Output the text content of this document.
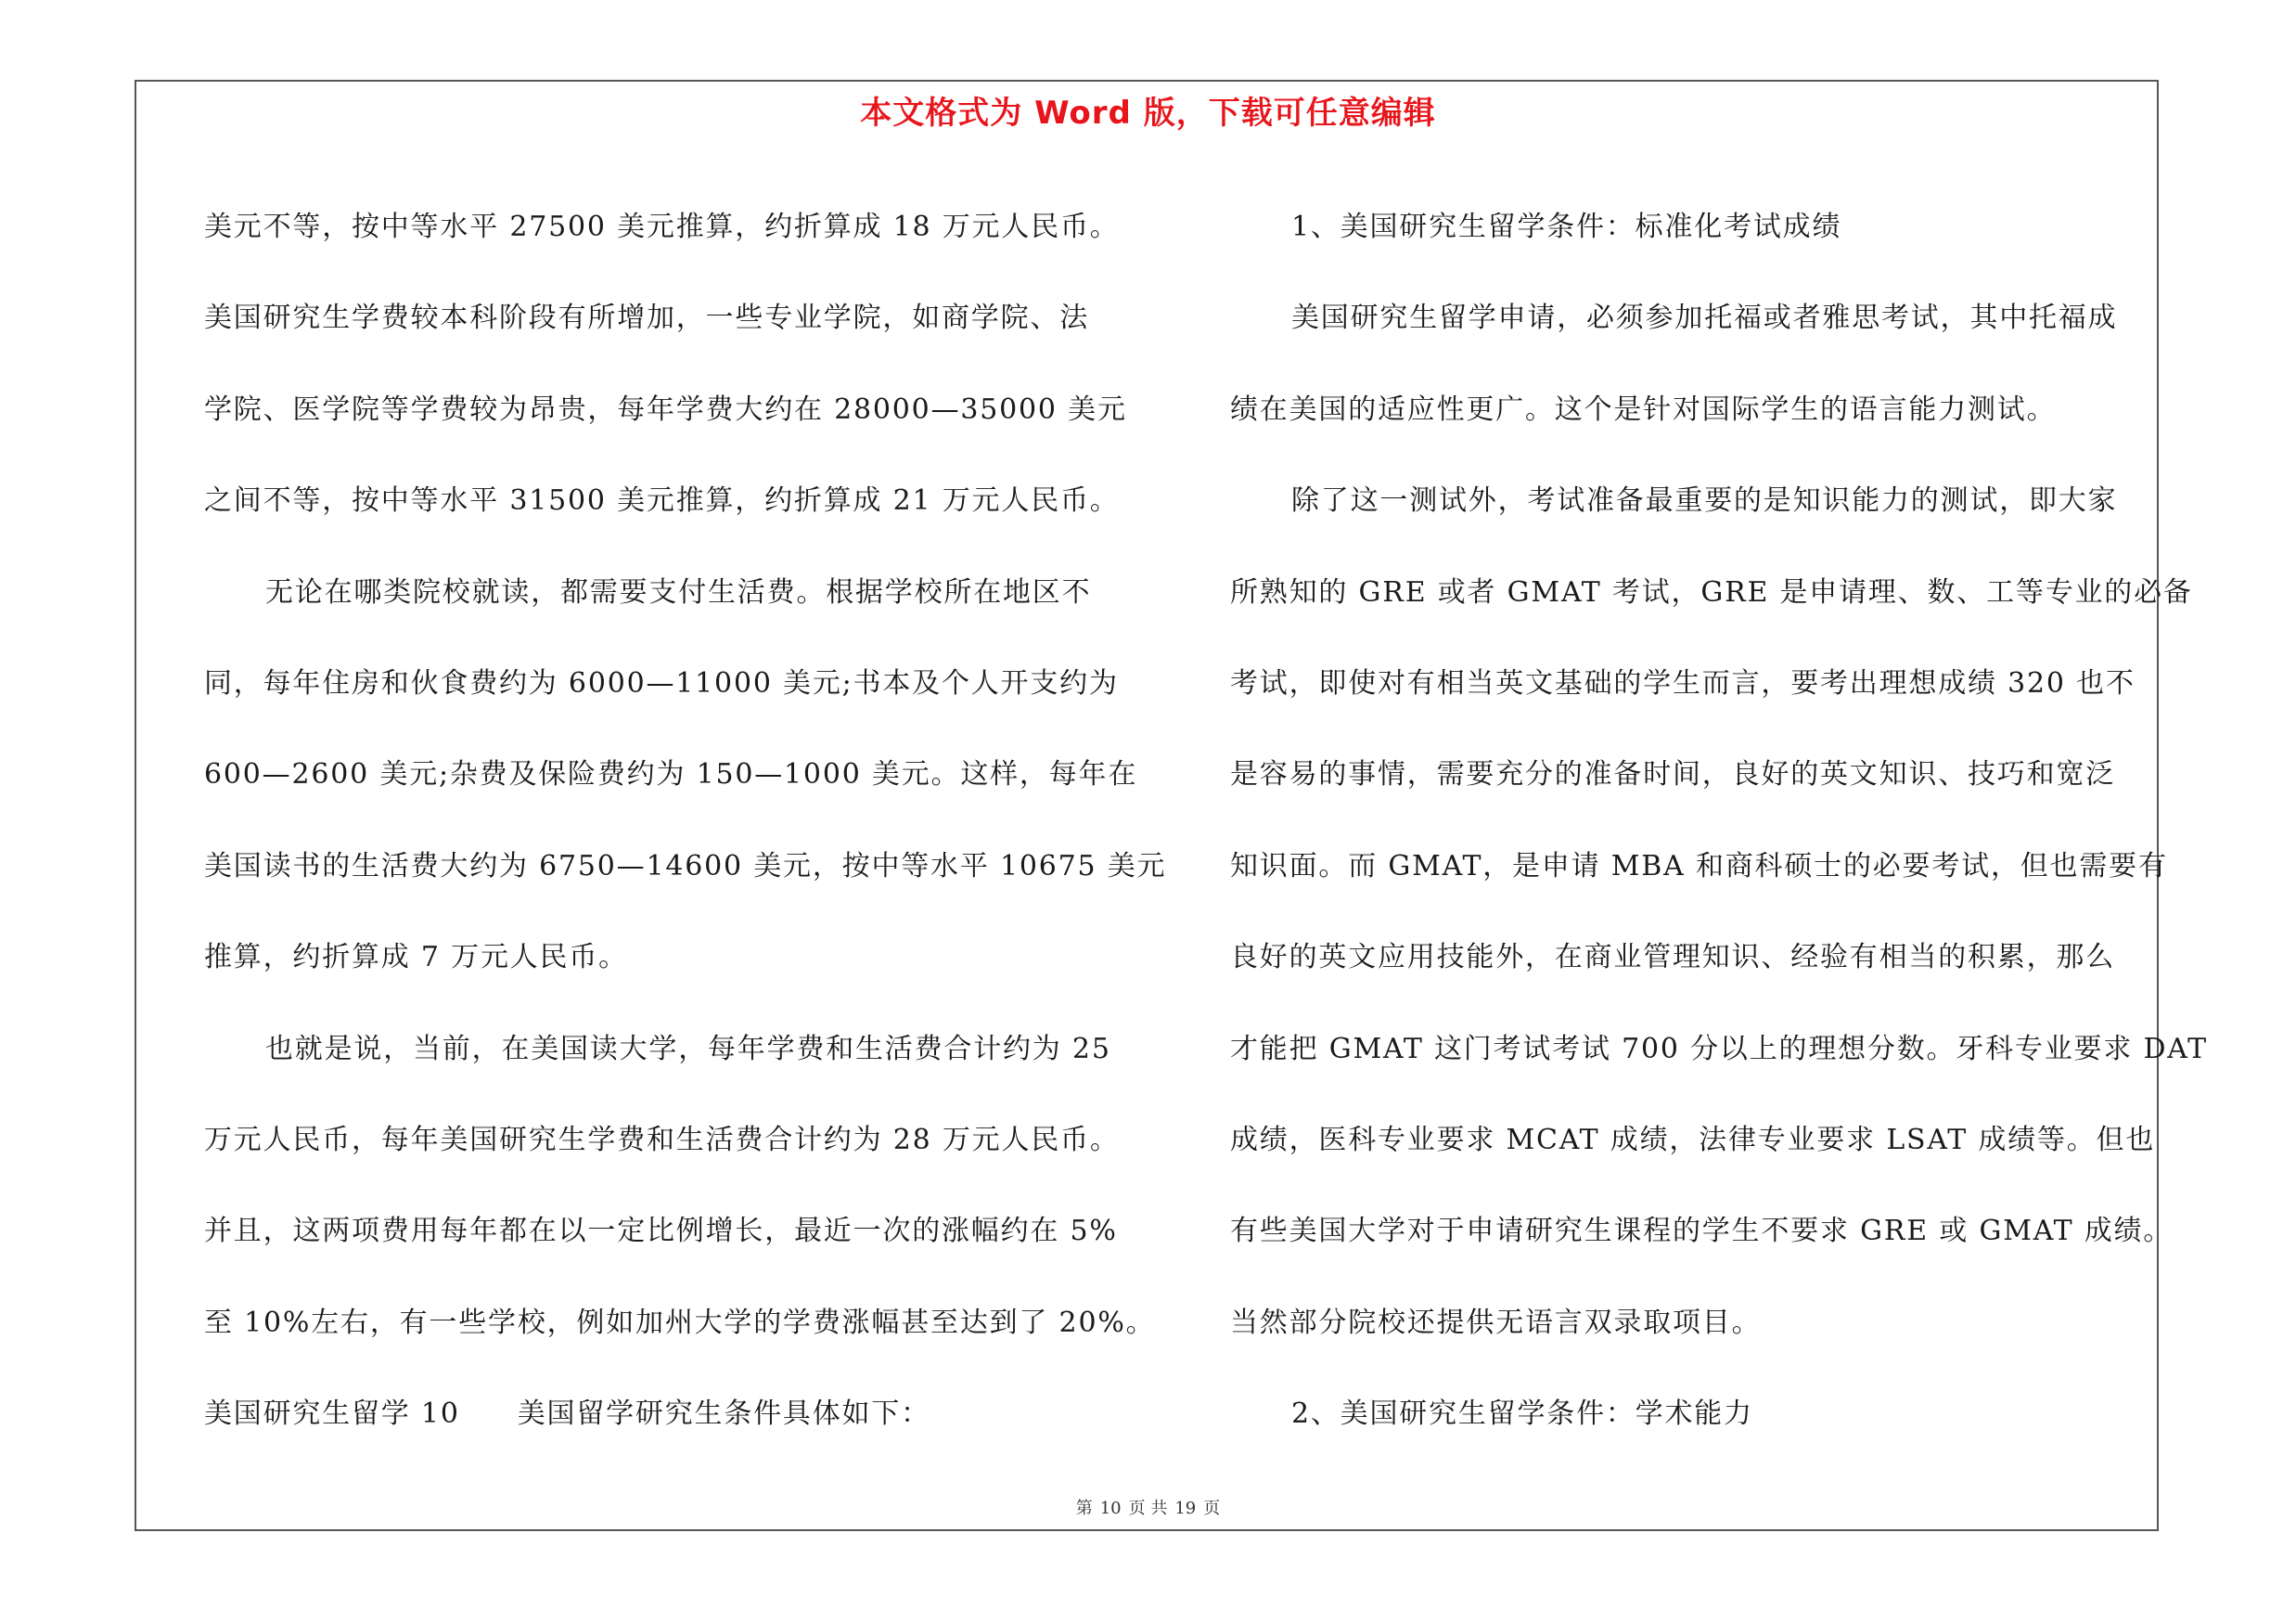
本文格式为 Word 版，下载可任意编辑
美元不等，按中等水平 27500 美元推算，约折算成 18 万元人民币。
美国研究生学费较本科阶段有所增加，一些专业学院，如商学院、法
学院、医学院等学费较为昂贵，每年学费大约在 28000—35000 美元
之间不等，按中等水平 31500 美元推算，约折算成 21 万元人民币。
无论在哪类院校就读，都需要支付生活费。根据学校所在地区不
同，每年住房和伙食费约为 6000—11000 美元;书本及个人开支约为
600—2600 美元;杂费及保险费约为 150—1000 美元。这样，每年在
美国读书的生活费大约为 6750—14600 美元，按中等水平 10675 美元
推算，约折算成 7 万元人民币。
也就是说，当前，在美国读大学，每年学费和生活费合计约为 25
万元人民币，每年美国研究生学费和生活费合计约为 28 万元人民币。
并且，这两项费用每年都在以一定比例增长，最近一次的涨幅约在 5%
至 10%左右，有一些学校，例如加州大学的学费涨幅甚至达到了 20%。
美国研究生留学 10 美国留学研究生条件具体如下：
1、美国研究生留学条件：标准化考试成绩
美国研究生留学申请，必须参加托福或者雅思考试，其中托福成
绩在美国的适应性更广。这个是针对国际学生的语言能力测试。
除了这一测试外，考试准备最重要的是知识能力的测试，即大家
所熟知的 GRE 或者 GMAT 考试，GRE 是申请理、数、工等专业的必备
考试，即使对有相当英文基础的学生而言，要考出理想成绩 320 也不
是容易的事情，需要充分的准备时间，良好的英文知识、技巧和宽泛
知识面。而 GMAT，是申请 MBA 和商科硕士的必要考试，但也需要有
良好的英文应用技能外，在商业管理知识、经验有相当的积累，那么
才能把 GMAT 这门考试考试 700 分以上的理想分数。牙科专业要求 DAT
成绩，医科专业要求 MCAT 成绩，法律专业要求 LSAT 成绩等。但也
有些美国大学对于申请研究生课程的学生不要求 GRE 或 GMAT 成绩。
当然部分院校还提供无语言双录取项目。
2、美国研究生留学条件：学术能力
第 10 页 共 19 页
